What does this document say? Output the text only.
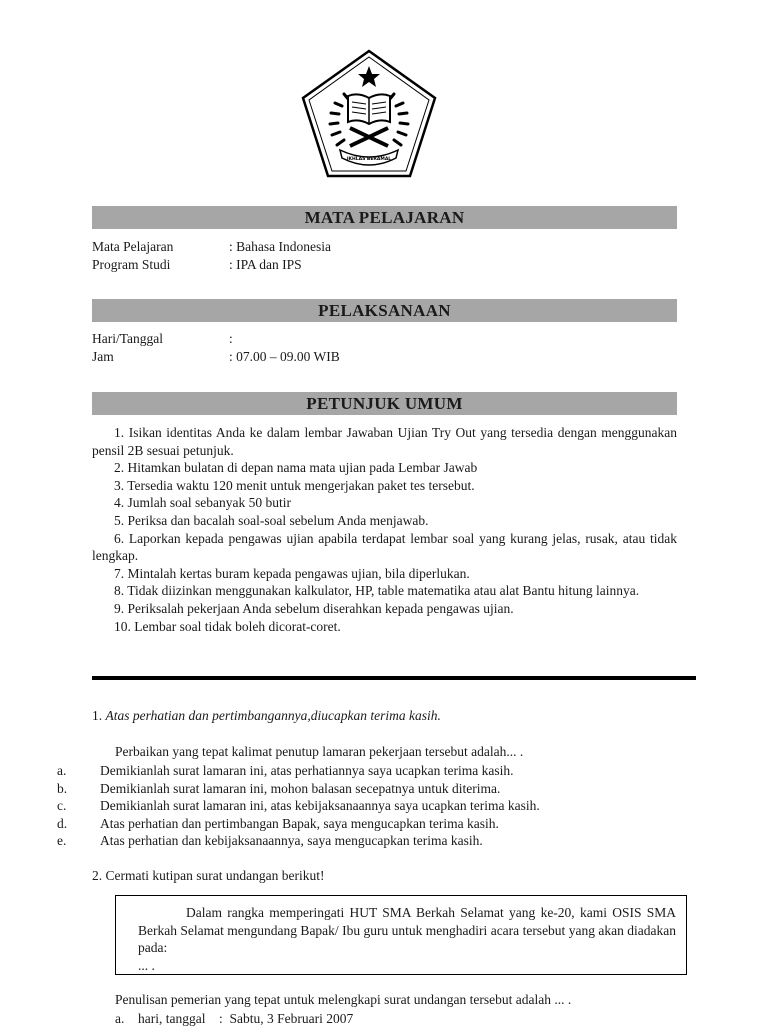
IKHLAS BERAMAL
MATA PELAJARAN
Mata Pelajaran	: Bahasa Indonesia
Program Studi	: IPA dan IPS
PELAKSANAAN
Hari/Tanggal	:
Jam	: 07.00 – 09.00 WIB
PETUNJUK UMUM
1. Isikan identitas Anda ke dalam lembar Jawaban Ujian Try Out yang tersedia dengan menggunakan pensil 2B sesuai petunjuk.
2. Hitamkan bulatan di depan nama mata ujian pada Lembar Jawab
3. Tersedia waktu 120 menit untuk mengerjakan paket tes tersebut.
4. Jumlah soal sebanyak 50 butir
5. Periksa dan bacalah soal-soal sebelum Anda menjawab.
6. Laporkan kepada pengawas ujian apabila terdapat lembar soal yang kurang jelas, rusak, atau tidak lengkap.
7. Mintalah kertas buram kepada pengawas ujian, bila diperlukan.
8. Tidak diizinkan menggunakan kalkulator, HP, table matematika atau alat Bantu hitung lainnya.
9. Periksalah pekerjaan Anda sebelum diserahkan kepada pengawas ujian.
10. Lembar soal tidak boleh dicorat-coret.
1. Atas perhatian dan pertimbangannya,diucapkan terima kasih.
Perbaikan yang tepat kalimat penutup lamaran pekerjaan tersebut adalah... .
a. Demikianlah surat lamaran ini, atas perhatiannya saya ucapkan terima kasih.
b. Demikianlah surat lamaran ini, mohon balasan secepatnya untuk diterima.
c. Demikianlah surat lamaran ini, atas kebijaksanaannya saya ucapkan terima kasih.
d. Atas perhatian dan pertimbangan Bapak, saya mengucapkan terima kasih.
e. Atas perhatian dan kebijaksanaannya, saya mengucapkan terima kasih.
2. Cermati kutipan surat undangan berikut!
Dalam rangka memperingati HUT SMA Berkah Selamat yang ke-20, kami OSIS SMA Berkah Selamat mengundang Bapak/ Ibu guru untuk menghadiri acara tersebut yang akan diadakan pada:
... .
Penulisan pemerian yang tepat untuk melengkapi surat undangan tersebut adalah ... .
a. hari, tanggal    :  Sabtu, 3 Februari 2007
